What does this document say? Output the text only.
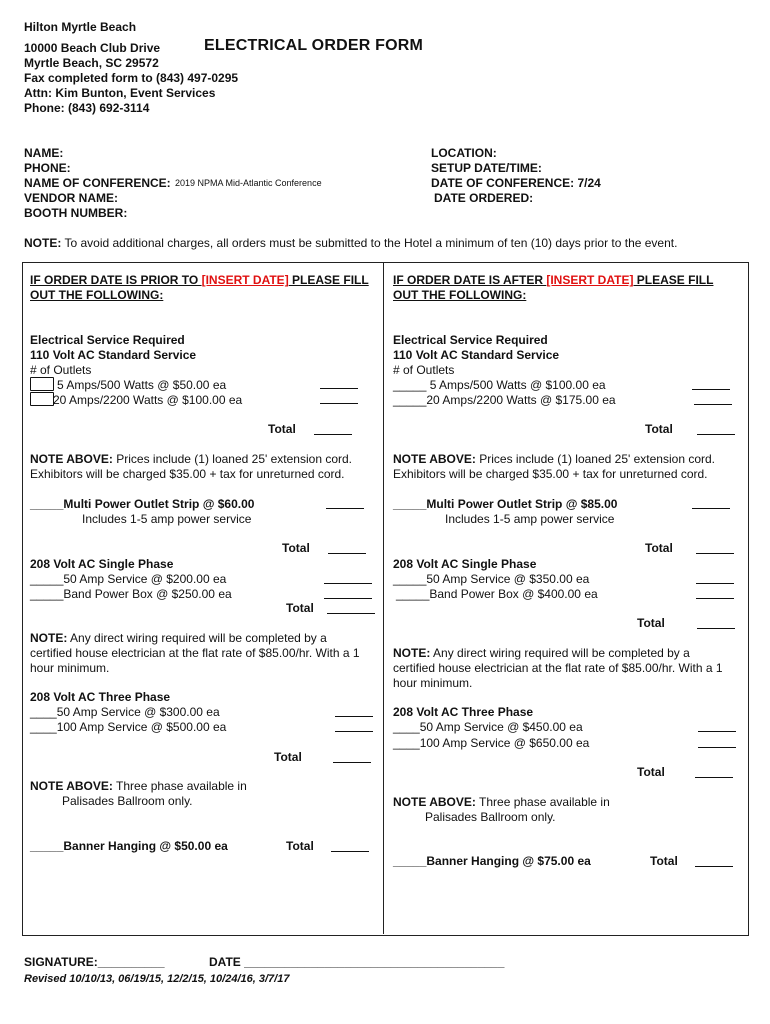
Hilton Myrtle Beach
10000 Beach Club Drive	ELECTRICAL ORDER FORM
Myrtle Beach, SC 29572
Fax completed form to (843) 497-0295
Attn: Kim Bunton, Event Services
Phone: (843) 692-3114
NAME:
PHONE:
NAME OF CONFERENCE: 2019 NPMA Mid-Atlantic Conference
VENDOR NAME:
BOOTH NUMBER:
LOCATION:
SETUP DATE/TIME:
DATE OF CONFERENCE: 7/24
DATE ORDERED:
NOTE: To avoid additional charges, all orders must be submitted to the Hotel a minimum of ten (10) days prior to the event.
IF ORDER DATE IS PRIOR TO [INSERT DATE] PLEASE FILL OUT THE FOLLOWING:
Electrical Service Required
110 Volt AC Standard Service
# of Outlets
5 Amps/500 Watts @ $50.00 ea
20 Amps/2200 Watts @ $100.00 ea
Total
NOTE ABOVE: Prices include (1) loaned 25' extension cord. Exhibitors will be charged $35.00 + tax for unreturned cord.
_____Multi Power Outlet Strip @ $60.00
Includes 1-5 amp power service
Total
208 Volt AC Single Phase
_____50 Amp Service @ $200.00 ea
_____Band Power Box @ $250.00 ea
Total
NOTE: Any direct wiring required will be completed by a certified house electrician at the flat rate of $85.00/hr. With a 1 hour minimum.
208 Volt AC Three Phase
____50 Amp Service @ $300.00 ea
____100 Amp Service @ $500.00 ea
Total
NOTE ABOVE: Three phase available in
Palisades Ballroom only.
_____Banner Hanging @ $50.00 ea	Total
IF ORDER DATE IS AFTER [INSERT DATE] PLEASE FILL OUT THE FOLLOWING:
Electrical Service Required
110 Volt AC Standard Service
# of Outlets
_____ 5 Amps/500 Watts @ $100.00 ea
_____20 Amps/2200 Watts @ $175.00 ea
Total
NOTE ABOVE: Prices include (1) loaned 25' extension cord. Exhibitors will be charged $35.00 + tax for unreturned cord.
_____Multi Power Outlet Strip @ $85.00
Includes 1-5 amp power service
Total
208 Volt AC Single Phase
_____50 Amp Service @ $350.00 ea
_____Band Power Box @ $400.00 ea
Total
NOTE: Any direct wiring required will be completed by a certified house electrician at the flat rate of $85.00/hr. With a 1 hour minimum.
208 Volt AC Three Phase
____50 Amp Service @ $450.00 ea
____100 Amp Service @ $650.00 ea
Total
NOTE ABOVE: Three phase available in
Palisades Ballroom only.
_____Banner Hanging @ $75.00 ea	Total
SIGNATURE:__________	DATE _______________________________________
Revised 10/10/13, 06/19/15, 12/2/15, 10/24/16, 3/7/17
